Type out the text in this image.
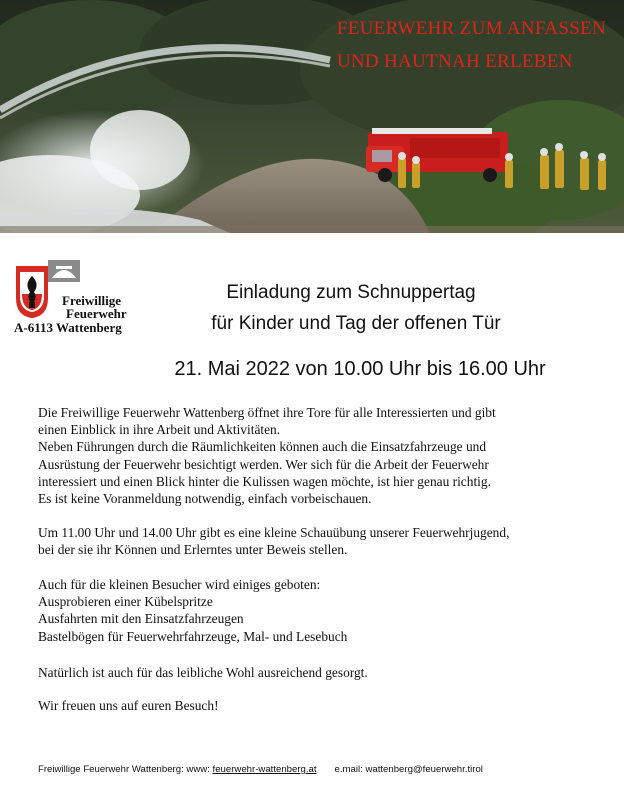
FEUERWEHR ZUM ANFASSEN
UND HAUTNAH ERLEBEN
Freiwillige
Feuerwehr
A-6113 Wattenberg
Einladung zum Schnuppertag
für Kinder und Tag der offenen Tür
21. Mai 2022 von 10.00 Uhr bis 16.00 Uhr
Die Freiwillige Feuerwehr Wattenberg öffnet ihre Tore für alle Interessierten und gibt
einen Einblick in ihre Arbeit und Aktivitäten.
Neben Führungen durch die Räumlichkeiten können auch die Einsatzfahrzeuge und
Ausrüstung der Feuerwehr besichtigt werden. Wer sich für die Arbeit der Feuerwehr
interessiert und einen Blick hinter die Kulissen wagen möchte, ist hier genau richtig.
Es ist keine Voranmeldung notwendig, einfach vorbeischauen.
Um 11.00 Uhr und 14.00 Uhr gibt es eine kleine Schauübung unserer Feuerwehrjugend,
bei der sie ihr Können und Erlerntes unter Beweis stellen.
Auch für die kleinen Besucher wird einiges geboten:
Ausprobieren einer Kübelspritze
Ausfahrten mit den Einsatzfahrzeugen
Bastelbögen für Feuerwehrfahrzeuge, Mal- und Lesebuch
Natürlich ist auch für das leibliche Wohl ausreichend gesorgt.
Wir freuen uns auf euren Besuch!
Freiwillige Feuerwehr Wattenberg: www: feuerwehr-wattenberg.at e.mail: wattenberg@feuerwehr.tirol
